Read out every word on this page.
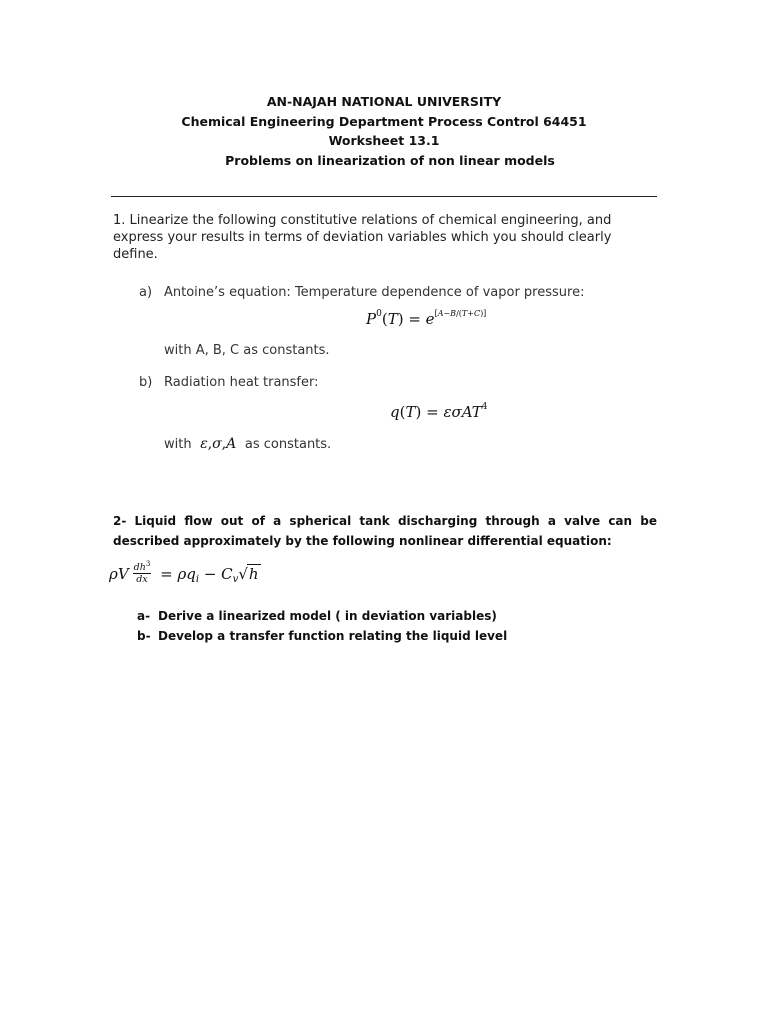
AN-NAJAH NATIONAL UNIVERSITY
Chemical Engineering Department Process Control 64451
Worksheet 13.1
Problems on linearization of non linear models
1. Linearize the following constitutive relations of chemical engineering, and express your results in terms of deviation variables which you should clearly define.
a) Antoine’s equation: Temperature dependence of vapor pressure:
$P^0(T) = e[A-B/(T+C)]$
with A, B, C as constants.
b) Radiation heat transfer:
q(T) = εσAT$^4$
with ε,σ,A as constants.
2- Liquid flow out of a spherical tank discharging through a valve can be described approximately by the following nonlinear differential equation:
ρV $\frac{dh^3}{dx} = \rho q_i - C_v√h$
a- Derive a linearized model ( in deviation variables)
b- Develop a transfer function relating the liquid level
